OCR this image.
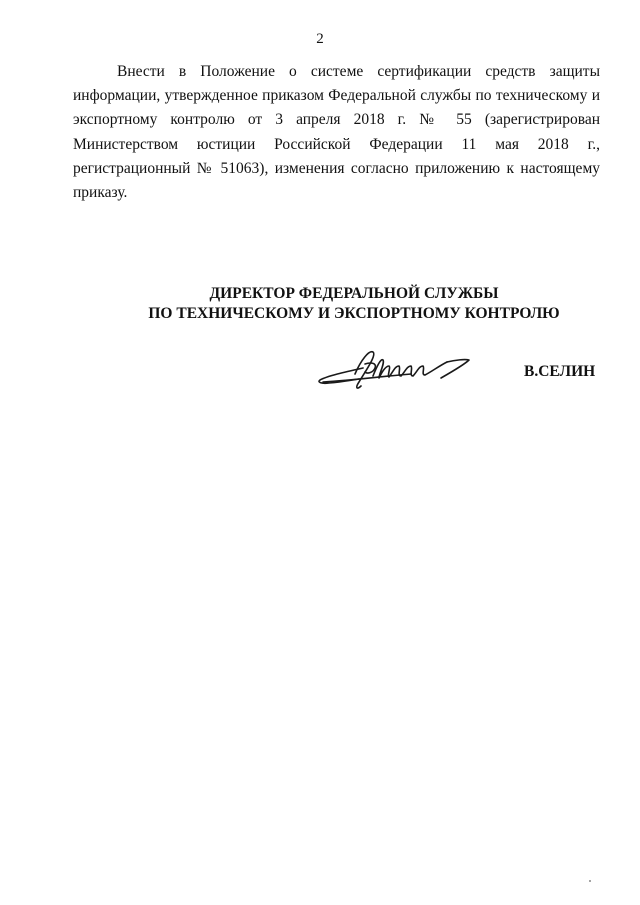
2
Внести в Положение о системе сертификации средств защиты
информации, утвержденное приказом Федеральной службы по техническому и
экспортному контролю от 3 апреля 2018 г. № 55 (зарегистрирован
Министерством юстиции Российской Федерации 11 мая 2018 г.,
регистрационный № 51063), изменения согласно приложению к настоящему
приказу.
ДИРЕКТОР ФЕДЕРАЛЬНОЙ СЛУЖБЫ
ПО ТЕХНИЧЕСКОМУ И ЭКСПОРТНОМУ КОНТРОЛЮ
В.СЕЛИН
